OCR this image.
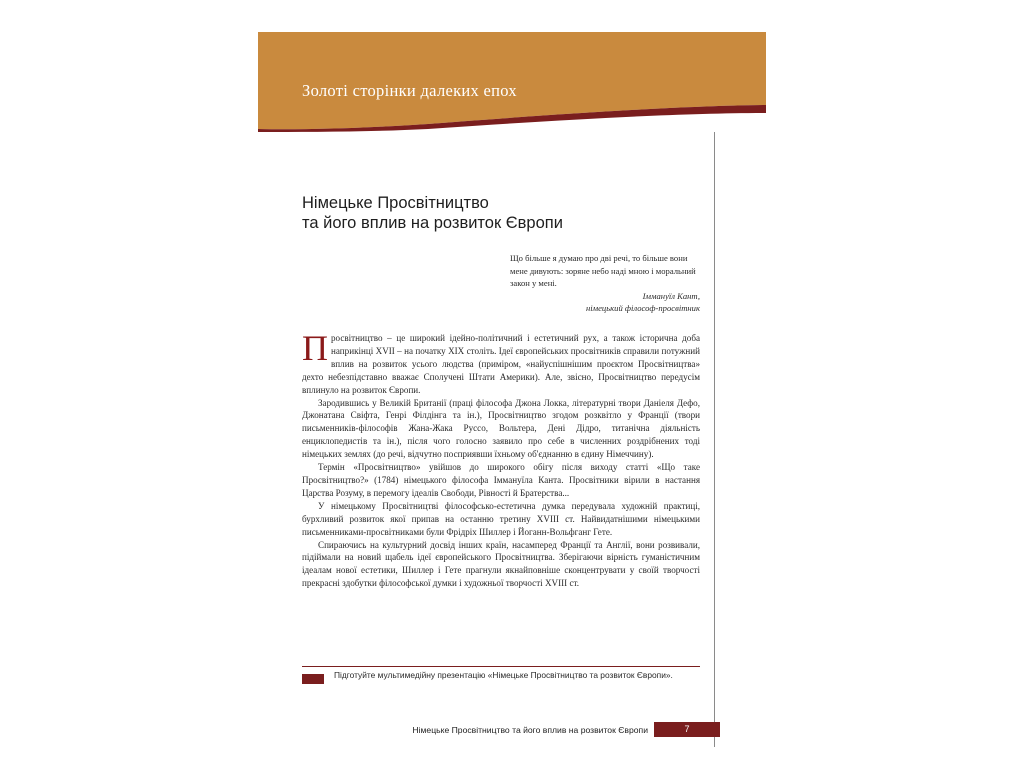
Золоті сторінки далеких епох
Німецьке Просвітництво
та його вплив на розвиток Європи
Що більше я думаю про дві речі, то більше вони мене дивують: зоряне небо наді мною і моральний закон у мені.
Іммануїл Кант,
німецький філософ-просвітник

П росвітництво – це широкий ідейно-політичний і естетичний рух, а також історична доба наприкінці XVII – на початку XIX століть. Ідеї європейських просвітників справили потужний вплив на розвиток усього людства (приміром, «найуспішнішим проєктом Просвітництва» дехто небезпідставно вважає Сполучені Штати Америки). Але, звісно, Просвітництво передусім вплинуло на розвиток Європи.

Зародившись у Великій Британії (праці філософа Джона Локка, літературні твори Даніеля Дефо, Джонатана Свіфта, Генрі Філдінга та ін.), Просвітництво згодом розквітло у Франції (твори письменників-філософів Жана-Жака Руссо, Вольтера, Дені Дідро, титанічна діяльність енциклопедистів та ін.), після чого голосно заявило про себе в численних роздрібнених тоді німецьких землях (до речі, відчутно посприявши їхньому об'єднанню в єдину Німеччину).

Термін «Просвітництво» увійшов до широкого обігу після виходу статті «Що таке Просвітництво?» (1784) німецького філософа Іммануїла Канта. Просвітники вірили в настання Царства Розуму, в перемогу ідеалів Свободи, Рівності й Братерства...

У німецькому Просвітництві філософсько-естетична думка передувала художній практиці, бурхливий розвиток якої припав на останню третину XVIII ст. Найвидатнішими німецькими письменниками-просвітниками були Фрідріх Шиллер і Йоганн-Вольфганг Гете.

Спираючись на культурний досвід інших країн, насамперед Франції та Англії, вони розвивали, підіймали на новий щабель ідеї європейського Просвітництва. Зберігаючи вірність гуманістичним ідеалам нової естетики, Шиллер і Гете прагнули якнайповніше сконцентрувати у своїй творчості прекрасні здобутки філософської думки і художньої творчості XVIII ст.

Підготуйте мультимедійну презентацію «Німецьке Просвітництво та розвиток Європи».
Німецьке Просвітництво та його вплив на розвиток Європи	7
